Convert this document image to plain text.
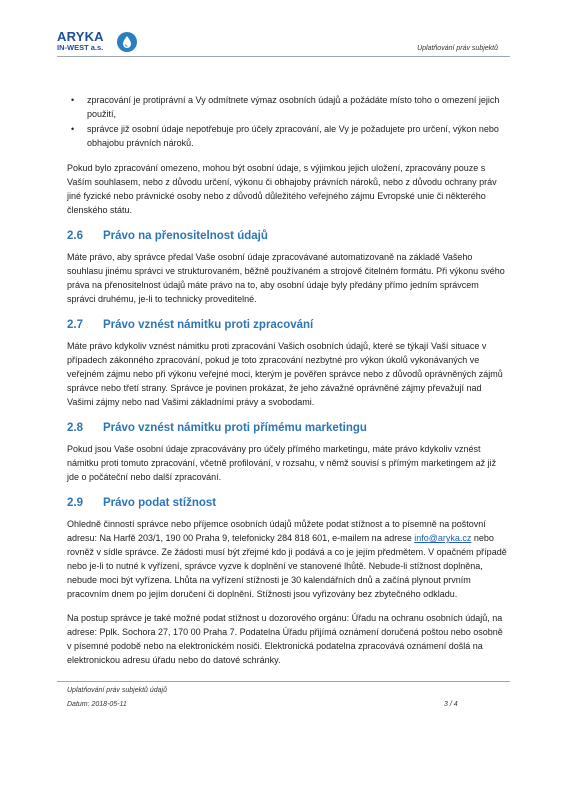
ARYKA
IN-WEST a.s.	Uplatňování práv subjektů
• zpracování je protiprávní a Vy odmítnete výmaz osobních údajů a požádáte místo toho o omezení jejich použití,
• správce již osobní údaje nepotřebuje pro účely zpracování, ale Vy je požadujete pro určení, výkon nebo obhajobu právních nároků.

Pokud bylo zpracování omezeno, mohou být osobní údaje, s výjimkou jejich uložení, zpracovány pouze s Vaším souhlasem, nebo z důvodu určení, výkonu či obhajoby právních nároků, nebo z důvodu ochrany práv jiné fyzické nebo právnické osoby nebo z důvodů důležitého veřejného zájmu Evropské unie či některého členského státu.

2.6 Právo na přenositelnost údajů

Máte právo, aby správce předal Vaše osobní údaje zpracovávané automatizovaně na základě Vašeho souhlasu jinému správci ve strukturovaném, běžně používaném a strojově čitelném formátu. Při výkonu svého práva na přenositelnost údajů máte právo na to, aby osobní údaje byly předány přímo jedním správcem správci druhému, je-li to technicky proveditelné.

2.7 Právo vznést námitku proti zpracování

Máte právo kdykoliv vznést námitku proti zpracování Vašich osobních údajů, které se týkají Vaší situace v případech zákonného zpracování, pokud je toto zpracování nezbytné pro výkon úkolů vykonávaných ve veřejném zájmu nebo při výkonu veřejné moci, kterým je pověřen správce nebo z důvodů oprávněných zájmů správce nebo třetí strany. Správce je povinen prokázat, že jeho závažné oprávněné zájmy převažují nad Vašimi zájmy nebo nad Vašimi základními právy a svobodami.

2.8 Právo vznést námitku proti přímému marketingu

Pokud jsou Vaše osobní údaje zpracovávány pro účely přímého marketingu, máte právo kdykoliv vznést námitku proti tomuto zpracování, včetně profilování, v rozsahu, v němž souvisí s přímým marketingem až již jde o počáteční nebo další zpracování.

2.9 Právo podat stížnost

Ohledně činností správce nebo příjemce osobních údajů můžete podat stížnost a to písemně na poštovní adresu: Na Harfě 203/1, 190 00 Praha 9, telefonicky 284 818 601, e-mailem na adrese info@aryka.cz nebo rovněž v sídle správce. Ze žádosti musí být zřejmé kdo ji podává a co je jejím předmětem. V opačném případě nebo je-li to nutné k vyřízení, správce vyzve k doplnění ve stanovené lhůtě. Nebude-li stížnost doplněna, nebude moci být vyřízena. Lhůta na vyřízení stížnosti je 30 kalendářních dnů a začíná plynout prvním pracovním dnem po jejím doručení či doplnění. Stížnosti jsou vyřizovány bez zbytečného odkladu.

Na postup správce je také možné podat stížnost u dozorového orgánu: Úřadu na ochranu osobních údajů, na adrese: Pplk. Sochora 27, 170 00 Praha 7. Podatelna Úřadu přijímá oznámení doručená poštou nebo osobně v písemné podobě nebo na elektronickém nosiči. Elektronická podatelna zpracovává oznámení došlá na elektronickou adresu úřadu nebo do datové schránky.

Uplatňování práv subjektů údajů
Datum: 2018-05-11	3 / 4
